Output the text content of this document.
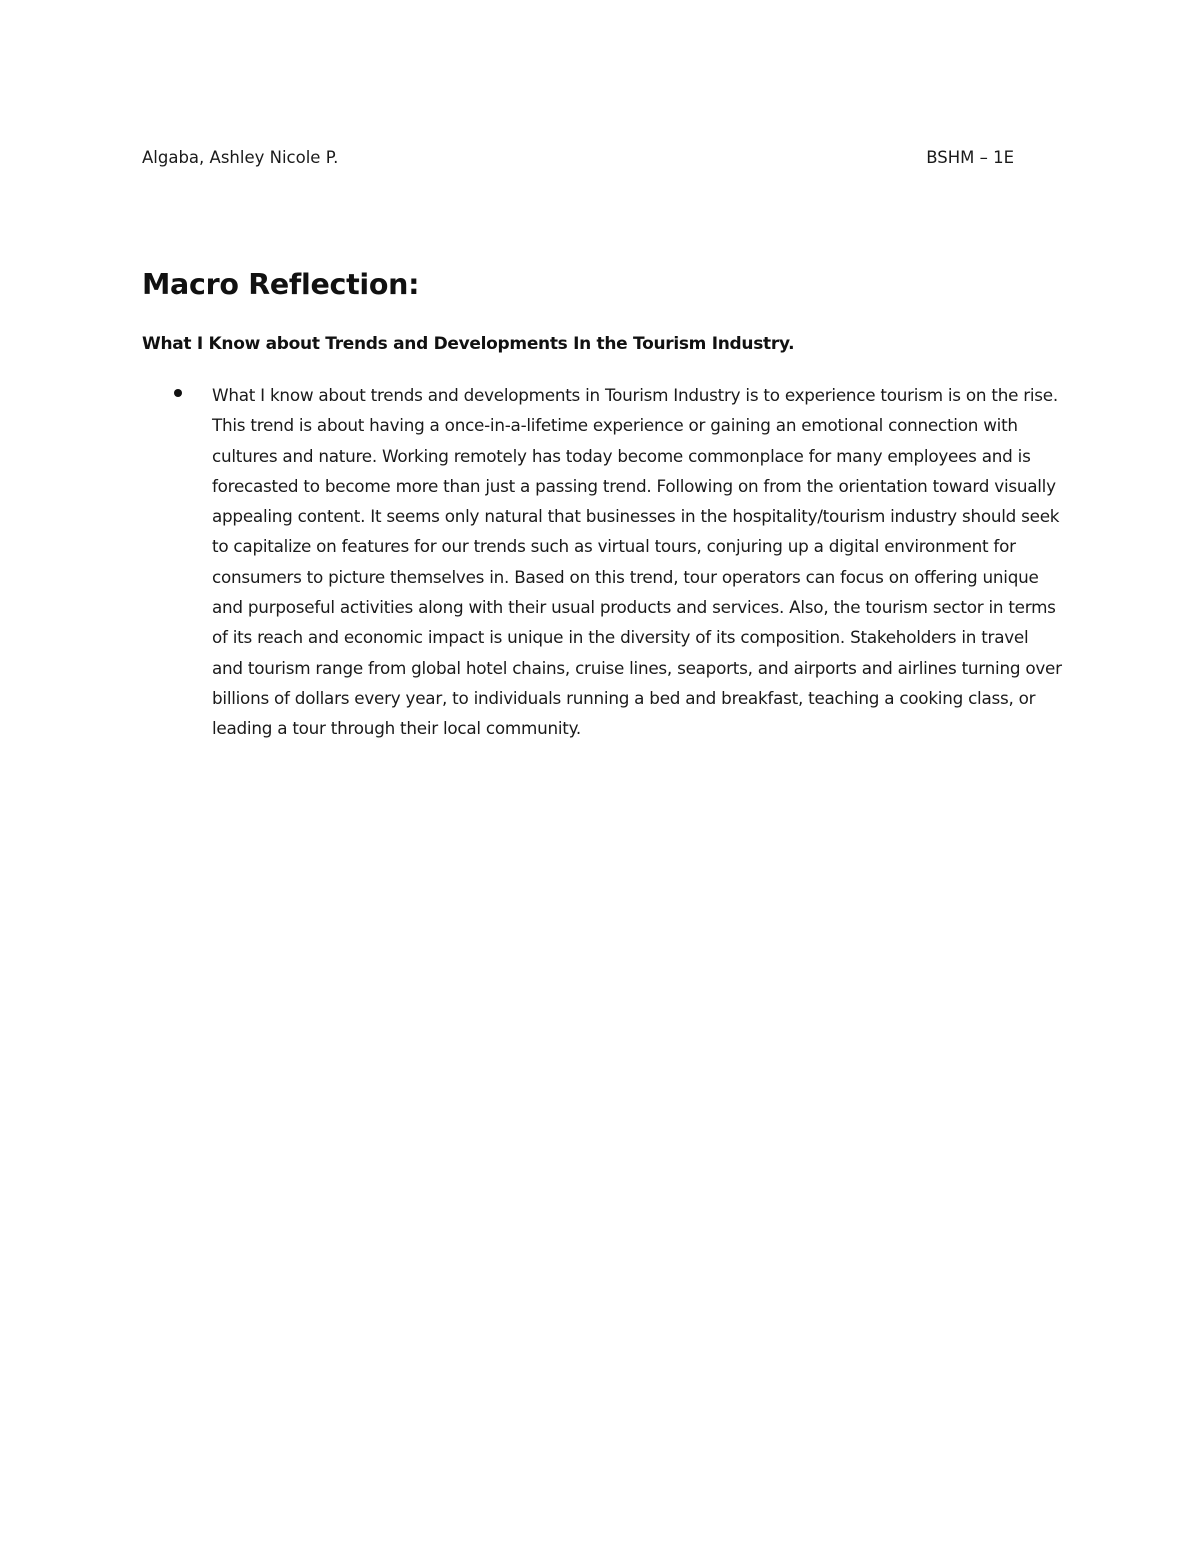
Algaba, Ashley Nicole P.	BSHM – 1E
Macro Reflection:
What I Know about Trends and Developments In the Tourism Industry.
What I know about trends and developments in Tourism Industry is to experience tourism is on the rise. This trend is about having a once-in-a-lifetime experience or gaining an emotional connection with cultures and nature. Working remotely has today become commonplace for many employees and is forecasted to become more than just a passing trend. Following on from the orientation toward visually appealing content. It seems only natural that businesses in the hospitality/tourism industry should seek to capitalize on features for our trends such as virtual tours, conjuring up a digital environment for consumers to picture themselves in. Based on this trend, tour operators can focus on offering unique and purposeful activities along with their usual products and services. Also, the tourism sector in terms of its reach and economic impact is unique in the diversity of its composition. Stakeholders in travel and tourism range from global hotel chains, cruise lines, seaports, and airports and airlines turning over billions of dollars every year, to individuals running a bed and breakfast, teaching a cooking class, or leading a tour through their local community.
